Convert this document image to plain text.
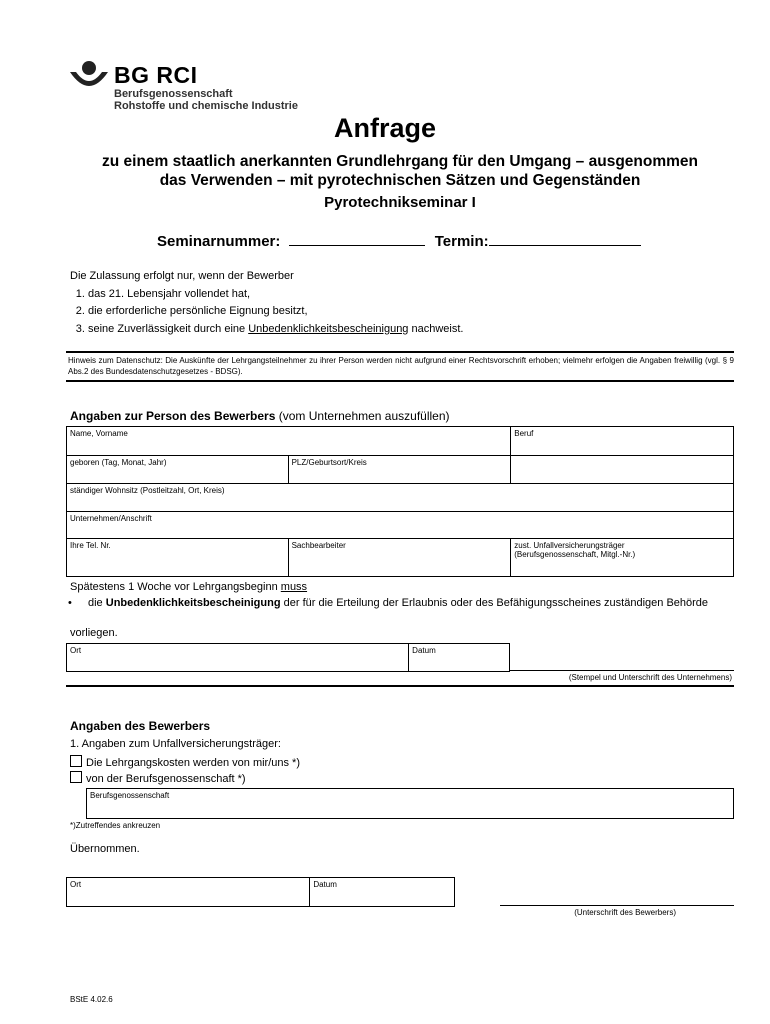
BG RCI
Berufsgenossenschaft
Rohstoffe und chemische Industrie
Anfrage
zu einem staatlich anerkannten Grundlehrgang für den Umgang – ausgenommen
das Verwenden – mit pyrotechnischen Sätzen und Gegenständen
Pyrotechnikseminar I
Seminarnummer:	Termin:
Die Zulassung erfolgt nur, wenn der Bewerber
1. das 21. Lebensjahr vollendet hat,
2. die erforderliche persönliche Eignung besitzt,
3. seine Zuverlässigkeit durch eine Unbedenklichkeitsbescheinigung nachweist.
Hinweis zum Datenschutz: Die Auskünfte der Lehrgangsteilnehmer zu ihrer Person werden nicht aufgrund einer Rechtsvorschrift erhoben; vielmehr erfolgen die Angaben freiwillig (vgl. § 9 Abs.2 des Bundesdatenschutzgesetzes - BDSG).
Angaben zur Person des Bewerbers (vom Unternehmen auszufüllen)
Name, Vorname		Beruf
geboren (Tag, Monat, Jahr)	PLZ/Geburtsort/Kreis	
ständiger Wohnsitz (Postleitzahl, Ort, Kreis)		
Unternehmen/Anschrift		
Ihre Tel. Nr.	Sachbearbeiter	zust. Unfallversicherungsträger
(Berufsgenossenschaft, Mitgl.-Nr.)
Spätestens 1 Woche vor Lehrgangsbeginn muss
• die Unbedenklichkeitsbescheinigung der für die Erteilung der Erlaubnis oder des Befähigungsscheines zuständigen Behörde
vorliegen.
Ort	Datum
(Stempel und Unterschrift des Unternehmens)
Angaben des Bewerbers
1. Angaben zum Unfallversicherungsträger:
Die Lehrgangskosten werden von mir/uns *)
von der Berufsgenossenschaft *)
Berufsgenossenschaft
*)Zutreffendes ankreuzen
Übernommen.
Ort	Datum
(Unterschrift des Bewerbers)
BStE 4.02.6
